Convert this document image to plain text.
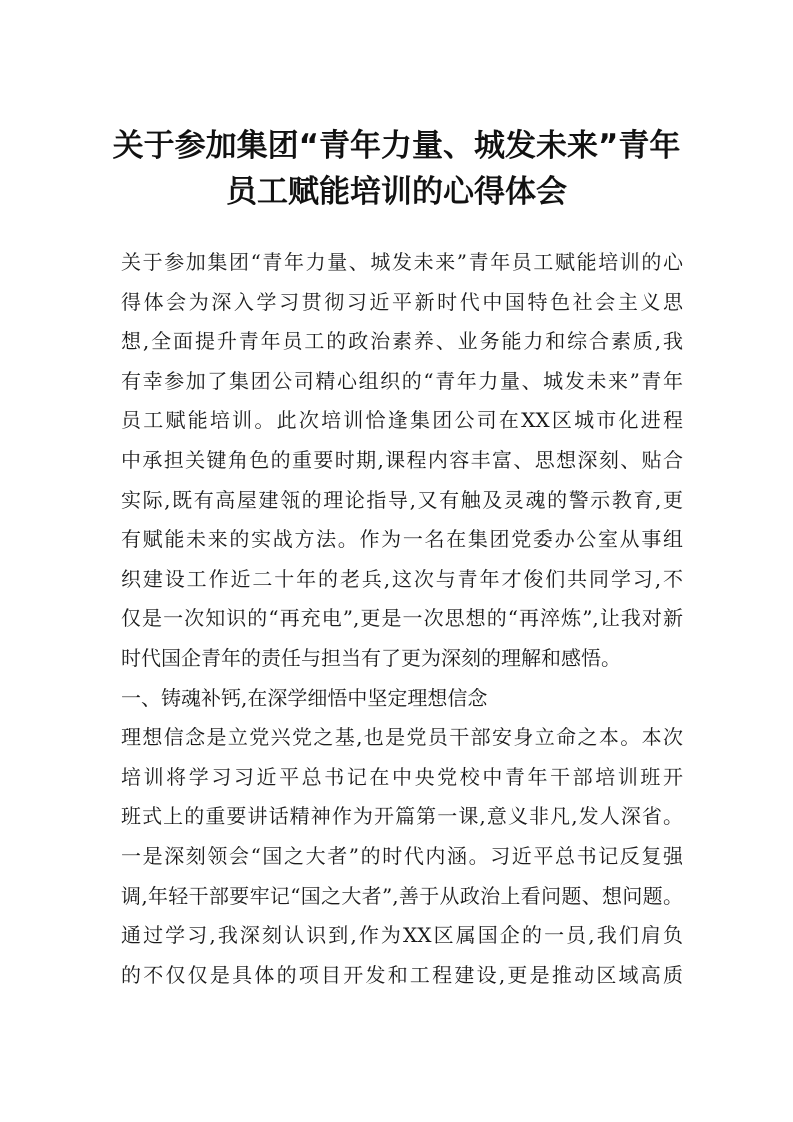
关于参加集团“青年力量、城发未来”青年
员工赋能培训的心得体会
关于参加集团“青年力量、城发未来”青年员工赋能培训的心
得体会为深入学习贯彻习近平新时代中国特色社会主义思
想,全面提升青年员工的政治素养、业务能力和综合素质,我
有幸参加了集团公司精心组织的“青年力量、城发未来”青年
员工赋能培训。此次培训恰逢集团公司在XX区城市化进程
中承担关键角色的重要时期,课程内容丰富、思想深刻、贴合
实际,既有高屋建瓴的理论指导,又有触及灵魂的警示教育,更
有赋能未来的实战方法。作为一名在集团党委办公室从事组
织建设工作近二十年的老兵,这次与青年才俊们共同学习,不
仅是一次知识的“再充电”,更是一次思想的“再淬炼”,让我对新
时代国企青年的责任与担当有了更为深刻的理解和感悟。
一、铸魂补钙,在深学细悟中坚定理想信念
理想信念是立党兴党之基,也是党员干部安身立命之本。本次
培训将学习习近平总书记在中央党校中青年干部培训班开
班式上的重要讲话精神作为开篇第一课,意义非凡,发人深省。
一是深刻领会“国之大者”的时代内涵。习近平总书记反复强
调,年轻干部要牢记“国之大者”,善于从政治上看问题、想问题。
通过学习,我深刻认识到,作为XX区属国企的一员,我们肩负
的不仅仅是具体的项目开发和工程建设,更是推动区域高质
